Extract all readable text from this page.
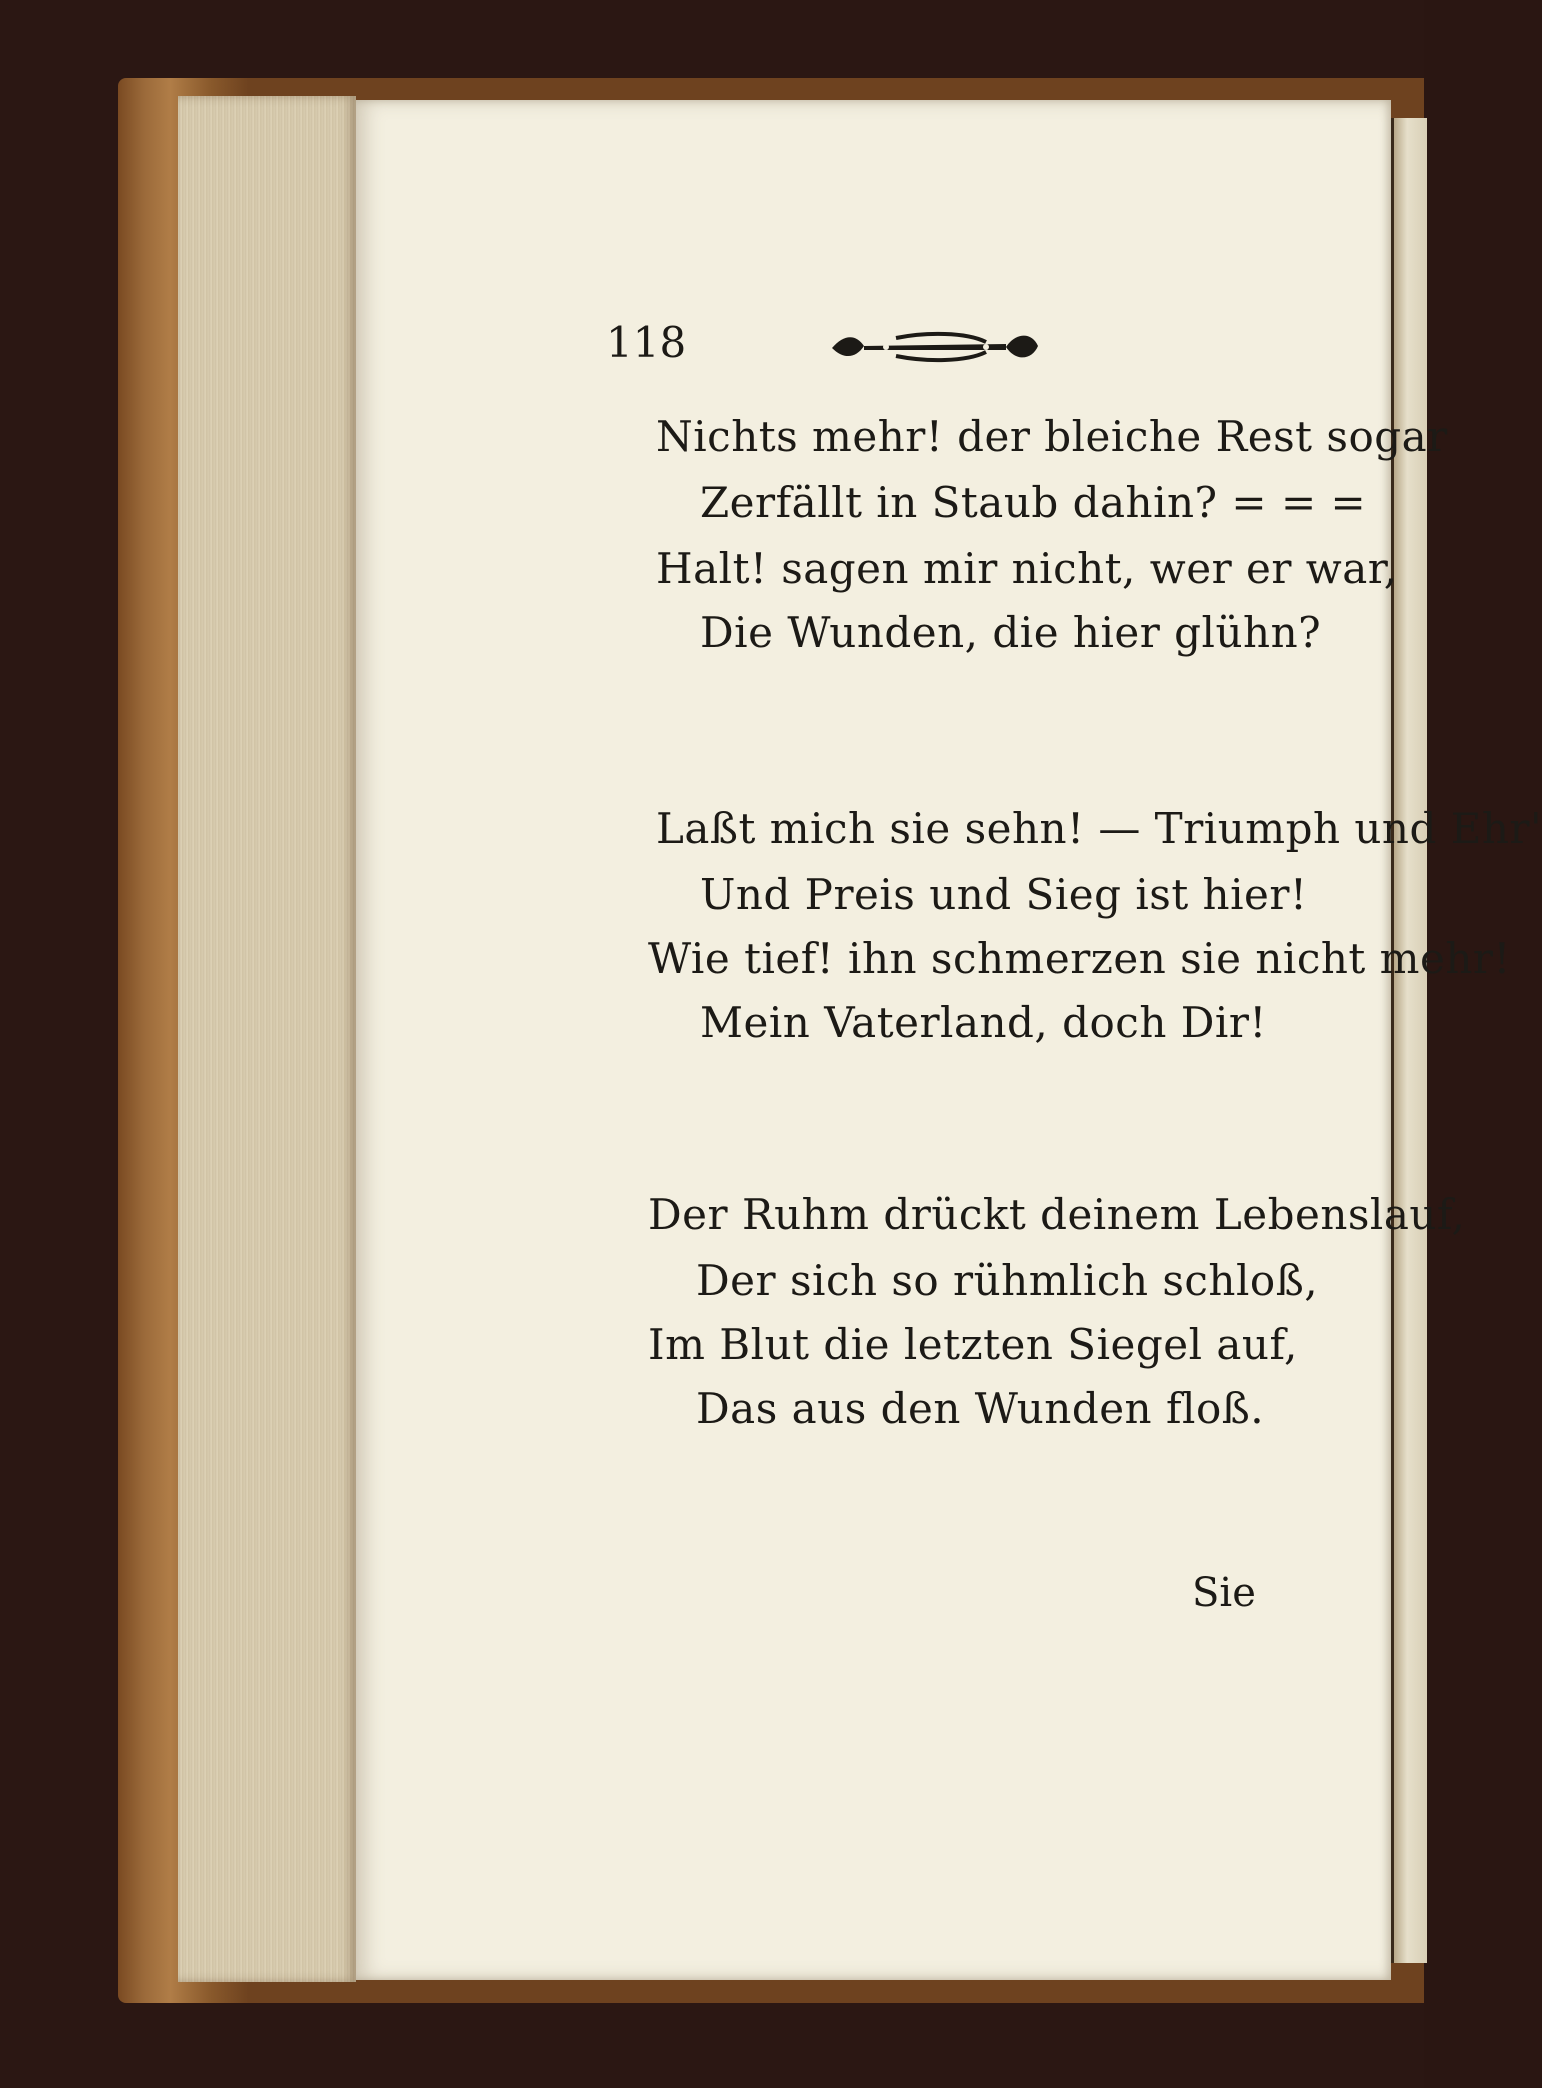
118
Nichts mehr! der bleiche Rest sogar
Zerfällt in Staub dahin? = = =
Halt! sagen mir nicht, wer er war,
Die Wunden, die hier glühn?
Laßt mich sie sehn! — Triumph und Ehr'
Und Preis und Sieg ist hier!
Wie tief! ihn schmerzen sie nicht mehr!
Mein Vaterland, doch Dir!
Der Ruhm drückt deinem Lebenslauf,
Der sich so rühmlich schloß,
Im Blut die letzten Siegel auf,
Das aus den Wunden floß.
Sie
